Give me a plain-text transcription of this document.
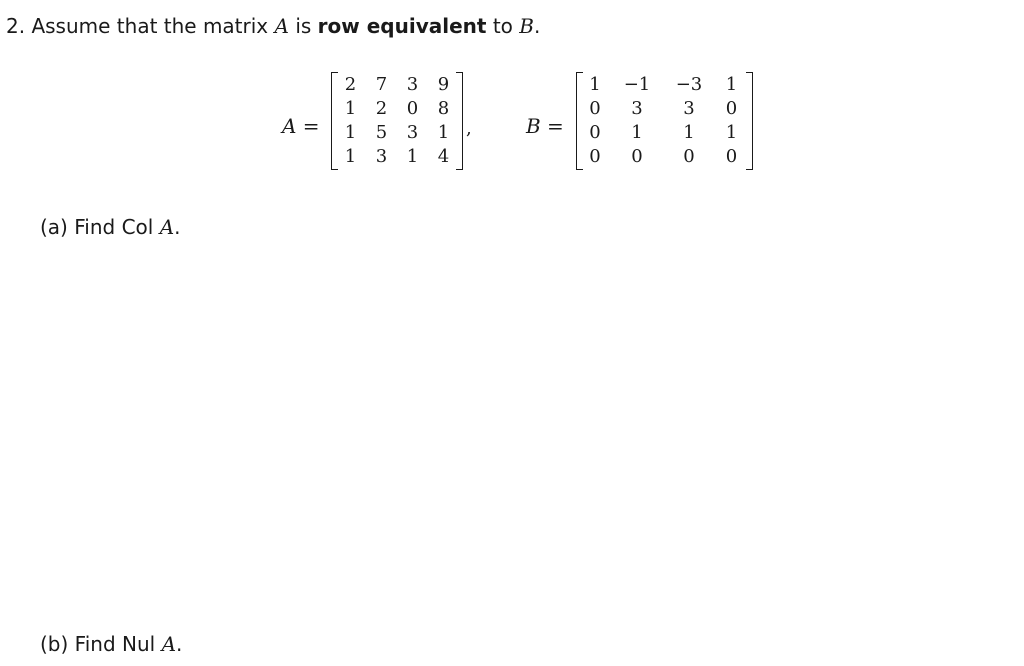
2. Assume that the matrix A is row equivalent to B.
A =
2	7	3	9
1	2	0	8
1	5	3	1
1	3	1	4
,	B =
1	−1	−3	1
0	3	3	0
0	1	1	1
0	0	0	0
(a) Find Col A.
(b) Find Nul A.
